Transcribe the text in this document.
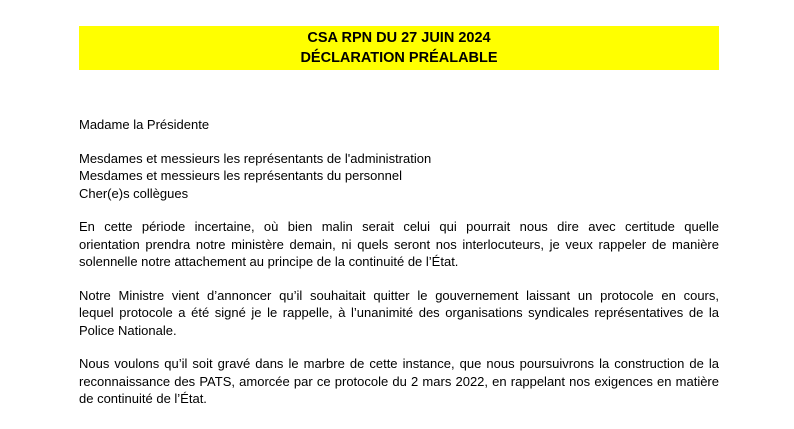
CSA RPN DU 27 JUIN 2024
DÉCLARATION PRÉALABLE
Madame la Présidente
Mesdames et messieurs les représentants de l'administration
Mesdames et messieurs les représentants du personnel
Cher(e)s collègues
En cette période incertaine, où bien malin serait celui qui pourrait nous dire avec certitude quelle
orientation prendra notre ministère demain, ni quels seront nos interlocuteurs, je veux rappeler de manière
solennelle notre attachement au principe de la continuité de l’État.
Notre Ministre vient d’annoncer qu’il souhaitait quitter le gouvernement laissant un protocole en cours,
lequel protocole a été signé je le rappelle, à l’unanimité des organisations syndicales représentatives de la
Police Nationale.
Nous voulons qu’il soit gravé dans le marbre de cette instance, que nous poursuivrons la construction de la
reconnaissance des PATS, amorcée par ce protocole du 2 mars 2022, en rappelant nos exigences en matière
de continuité de l’État.
